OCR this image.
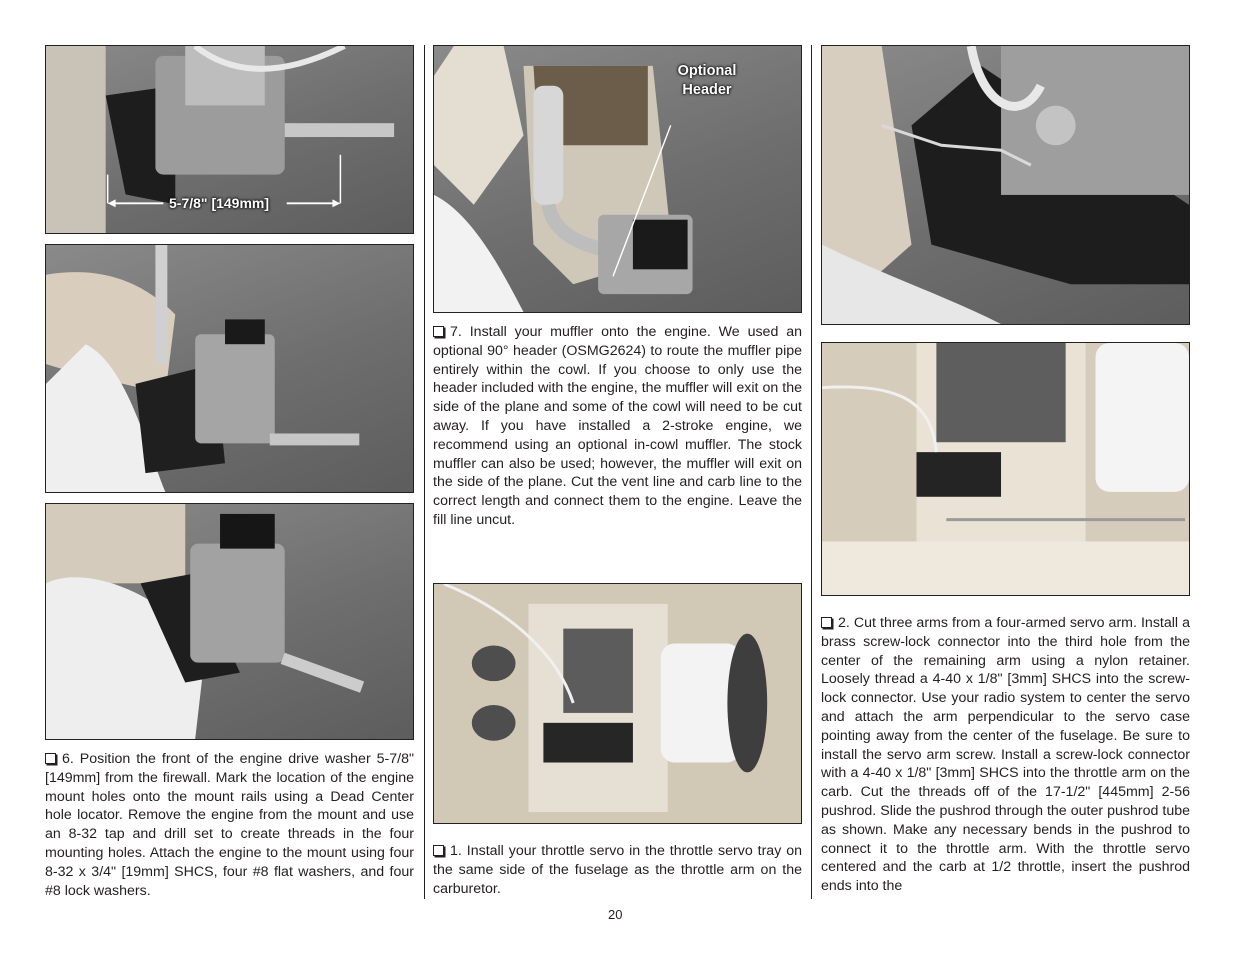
5-7/8" [149mm]

6. Position the front of the engine drive washer 5-7/8" [149mm] from the firewall. Mark the location of the engine mount holes onto the mount rails using a Dead Center hole locator. Remove the engine from the mount and use an 8-32 tap and drill set to create threads in the four mounting holes. Attach the engine to the mount using four 8-32 x 3/4" [19mm] SHCS, four #8 flat washers, and four #8 lock washers.

Optional
Header

7. Install your muffler onto the engine. We used an optional 90° header (OSMG2624) to route the muffler pipe entirely within the cowl. If you choose to only use the header included with the engine, the muffler will exit on the side of the plane and some of the cowl will need to be cut away. If you have installed a 2-stroke engine, we recommend using an optional in-cowl muffler. The stock muffler can also be used; however, the muffler will exit on the side of the plane. Cut the vent line and carb line to the correct length and connect them to the engine. Leave the fill line uncut.

1. Install your throttle servo in the throttle servo tray on the same side of the fuselage as the throttle arm on the carburetor.

2. Cut three arms from a four-armed servo arm. Install a brass screw-lock connector into the third hole from the center of the remaining arm using a nylon retainer. Loosely thread a 4-40 x 1/8" [3mm] SHCS into the screw-lock connector. Use your radio system to center the servo and attach the arm perpendicular to the servo case pointing away from the center of the fuselage. Be sure to install the servo arm screw. Install a screw-lock connector with a 4-40 x 1/8" [3mm] SHCS into the throttle arm on the carb. Cut the threads off of the 17-1/2" [445mm] 2-56 pushrod. Slide the pushrod through the outer pushrod tube as shown. Make any necessary bends in the pushrod to connect it to the throttle arm. With the throttle servo centered and the carb at 1/2 throttle, insert the pushrod ends into the

20
